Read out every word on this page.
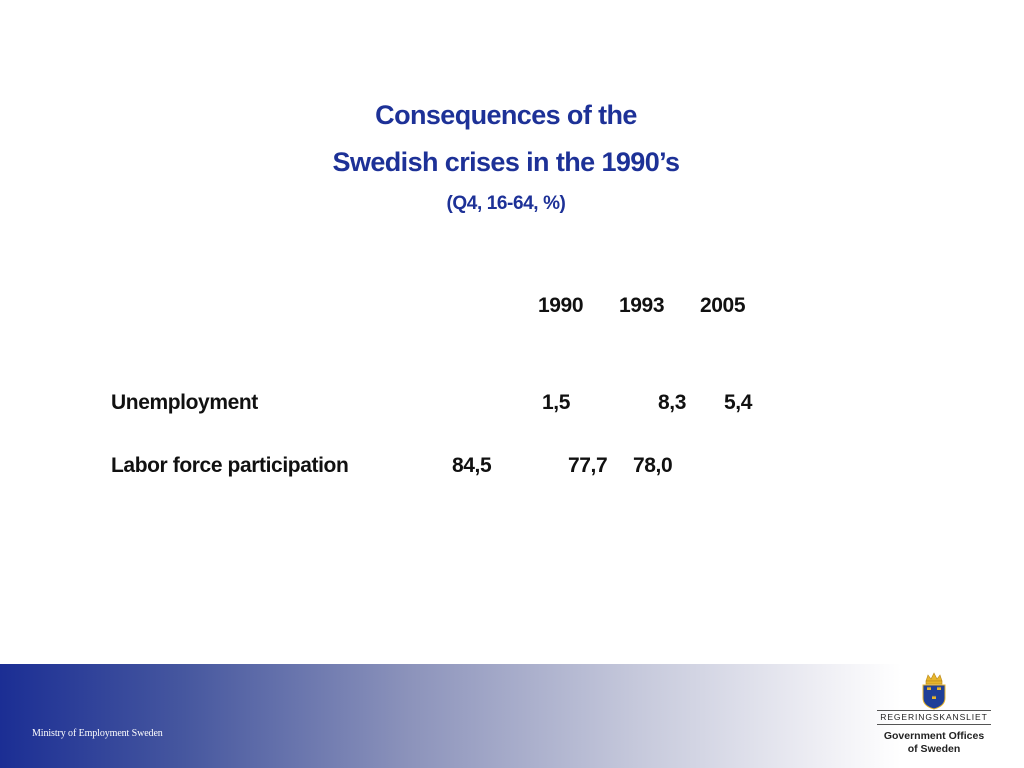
Consequences of the
Swedish crises in the 1990’s
(Q4, 16-64, %)
1990 1993 2005
Unemployment	1,5	8,3 5,4
Labor force participation	84,5	77,7 78,0
Ministry of Employment Sweden
REGERINGSKANSLIET
Government Offices
of Sweden
